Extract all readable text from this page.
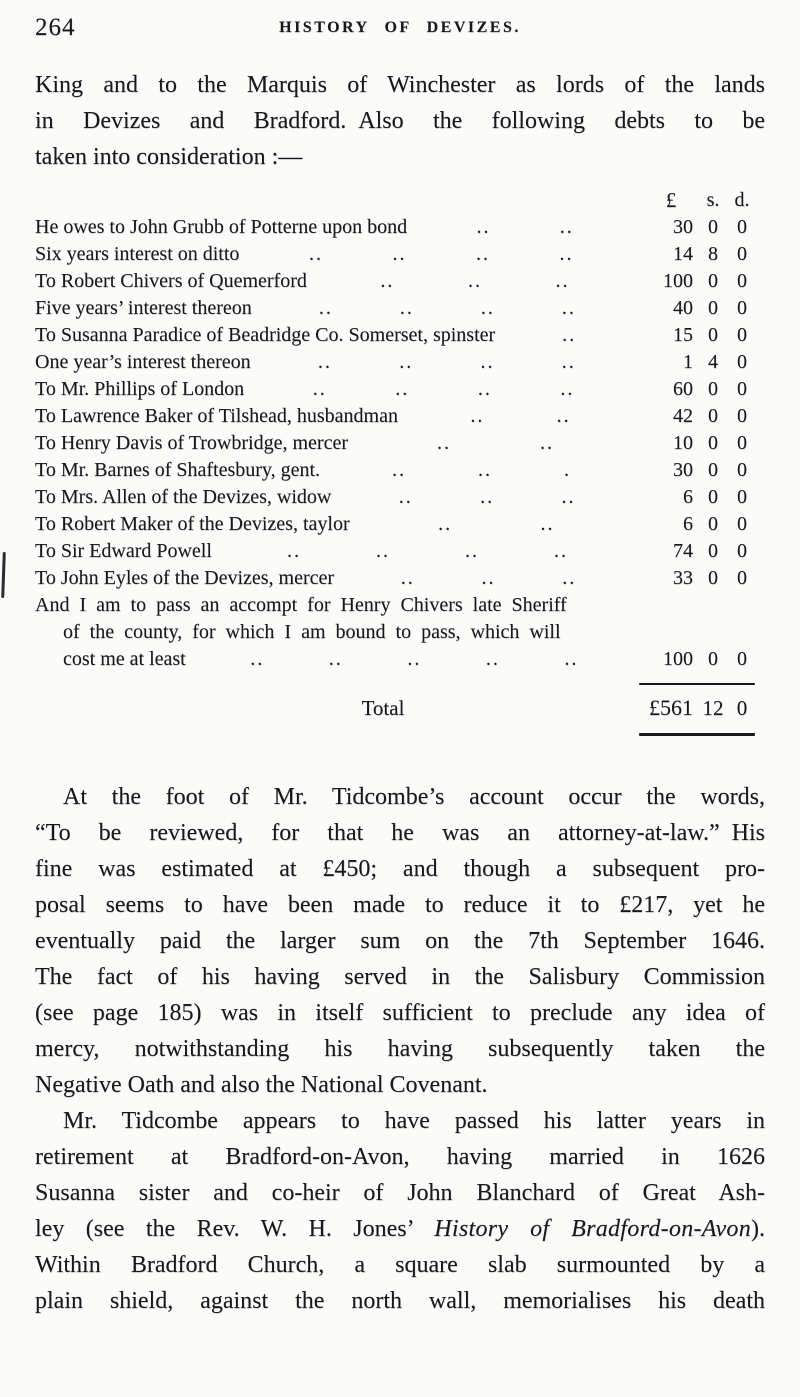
264	HISTORY OF DEVIZES.
King and to the Marquis of Winchester as lords of the lands
in Devizes and Bradford. Also the following debts to be
taken into consideration :—
£	s. d.
He owes to John Grubb of Potterne upon bond	..	..	30 0 0
Six years interest on ditto	..	..	..	..	14 8 0
To Robert Chivers of Quemerford	..	..	..	100 0 0
Five years’ interest thereon	..	..	..	..	40 0 0
To Susanna Paradice of Beadridge Co. Somerset, spinster	..	15 0 0
One year’s interest thereon	..	..	..	..	1 4 0
To Mr. Phillips of London	..	..	..	..	60 0 0
To Lawrence Baker of Tilshead, husbandman	..	..	42 0 0
To Henry Davis of Trowbridge, mercer	..	..	10 0 0
To Mr. Barnes of Shaftesbury, gent.	..	..	.	30 0 0
To Mrs. Allen of the Devizes, widow	..	..	..	6 0 0
To Robert Maker of the Devizes, taylor	..	..	6 0 0
To Sir Edward Powell	..	..	..	..	74 0 0
To John Eyles of the Devizes, mercer	..	..	..	33 0 0
And I am to pass an accompt for Henry Chivers late Sheriff
of the county, for which I am bound to pass, which will
cost me at least	..	..	..	..	..	100 0 0
Total	£561 12 0
At the foot of Mr. Tidcombe’s account occur the words,
“To be reviewed, for that he was an attorney-at-law.” His
fine was estimated at £450; and though a subsequent pro-
posal seems to have been made to reduce it to £217, yet he
eventually paid the larger sum on the 7th September 1646.
The fact of his having served in the Salisbury Commission
(see page 185) was in itself sufficient to preclude any idea of
mercy, notwithstanding his having subsequently taken the
Negative Oath and also the National Covenant.
Mr. Tidcombe appears to have passed his latter years in
retirement at Bradford-on-Avon, having married in 1626
Susanna sister and co-heir of John Blanchard of Great Ash-
ley (see the Rev. W. H. Jones’ History of Bradford-on-Avon).
Within Bradford Church, a square slab surmounted by a
plain shield, against the north wall, memorialises his death
